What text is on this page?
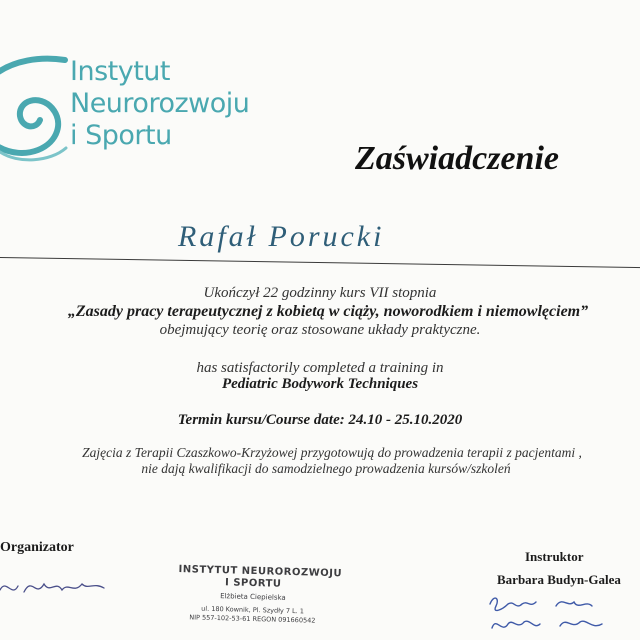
Instytut
Neurorozwoju
i Sportu
Zaświadczenie
Rafał Porucki
Ukończył 22 godzinny kurs VII stopnia
„Zasady pracy terapeutycznej z kobietą w ciąży, noworodkiem i niemowlęciem”
obejmujący teorię oraz stosowane układy praktyczne.
has satisfactorily completed a training in
Pediatric Bodywork Techniques
Termin kursu/Course date: 24.10 - 25.10.2020
Zajęcia z Terapii Czaszkowo-Krzyżowej przygotowują do prowadzenia terapii z pacjentami ,
nie dają kwalifikacji do samodzielnego prowadzenia kursów/szkoleń
Organizator
INSTYTUT NEUROROZWOJU
I SPORTU
Elżbieta Ciepielska
ul. 180 Kownik, Pl. Szydły 7 L. 1
NIP 557-102-53-61 REGON 091660542
Instruktor
Barbara Budyn-Galea
